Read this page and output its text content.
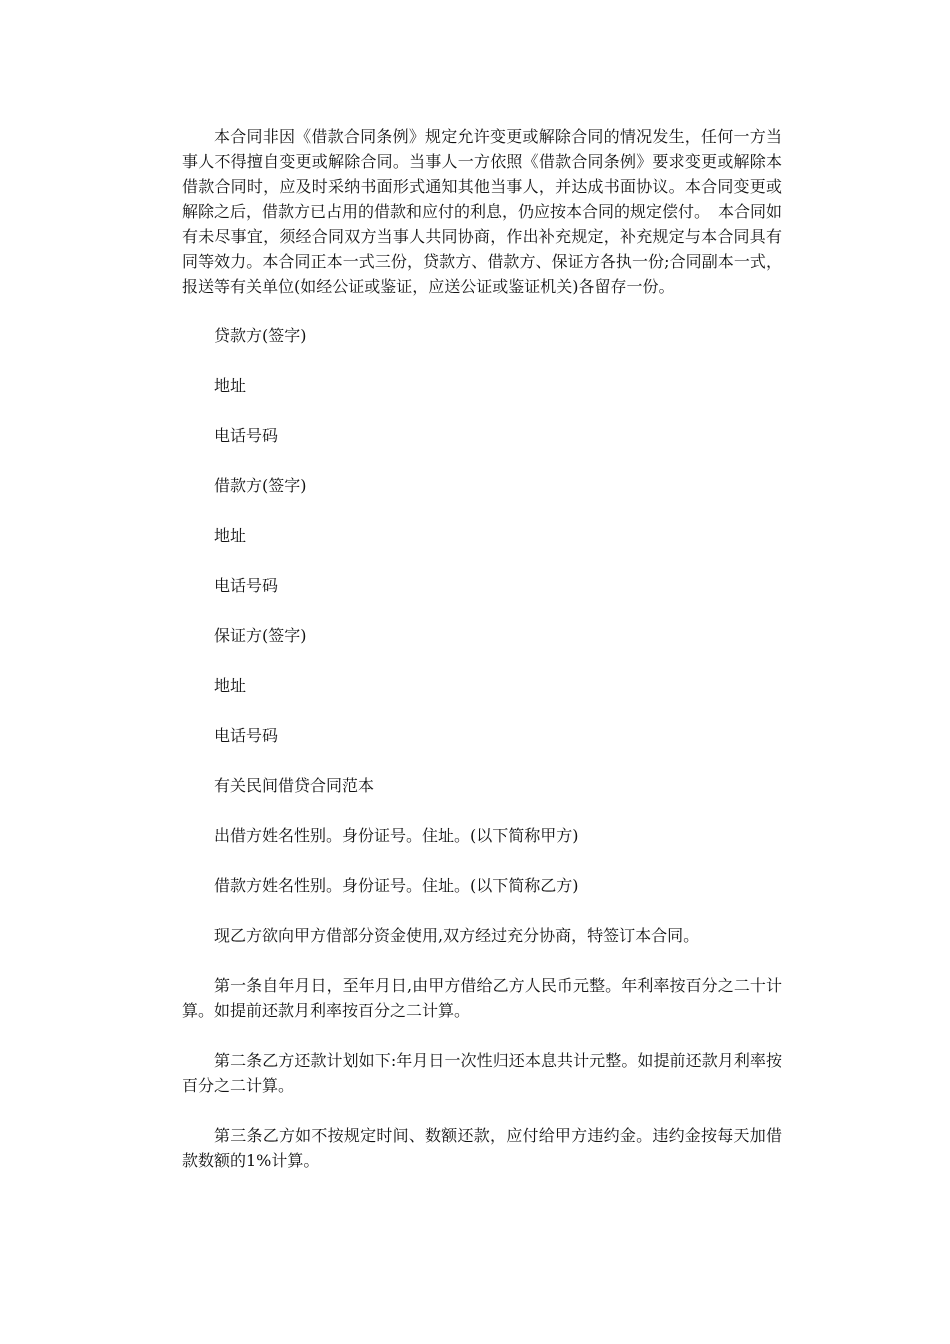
本合同非因《借款合同条例》规定允许变更或解除合同的情况发生，任何一方当事人不得擅自变更或解除合同。当事人一方依照《借款合同条例》要求变更或解除本借款合同时，应及时采纳书面形式通知其他当事人，并达成书面协议。本合同变更或解除之后，借款方已占用的借款和应付的利息，仍应按本合同的规定偿付。　本合同如有未尽事宜，须经合同双方当事人共同协商，作出补充规定，补充规定与本合同具有同等效力。本合同正本一式三份，贷款方、借款方、保证方各执一份;合同副本一式，报送等有关单位(如经公证或鉴证，应送公证或鉴证机关)各留存一份。

贷款方(签字)

地址

电话号码

借款方(签字)

地址

电话号码

保证方(签字)

地址

电话号码

有关民间借贷合同范本

出借方姓名性别。身份证号。住址。(以下简称甲方)

借款方姓名性别。身份证号。住址。(以下简称乙方)

现乙方欲向甲方借部分资金使用,双方经过充分协商，特签订本合同。

第一条自年月日，至年月日,由甲方借给乙方人民币元整。年利率按百分之二十计算。如提前还款月利率按百分之二计算。

第二条乙方还款计划如下:年月日一次性归还本息共计元整。如提前还款月利率按百分之二计算。

第三条乙方如不按规定时间、数额还款，应付给甲方违约金。违约金按每天加借款数额的1%计算。
